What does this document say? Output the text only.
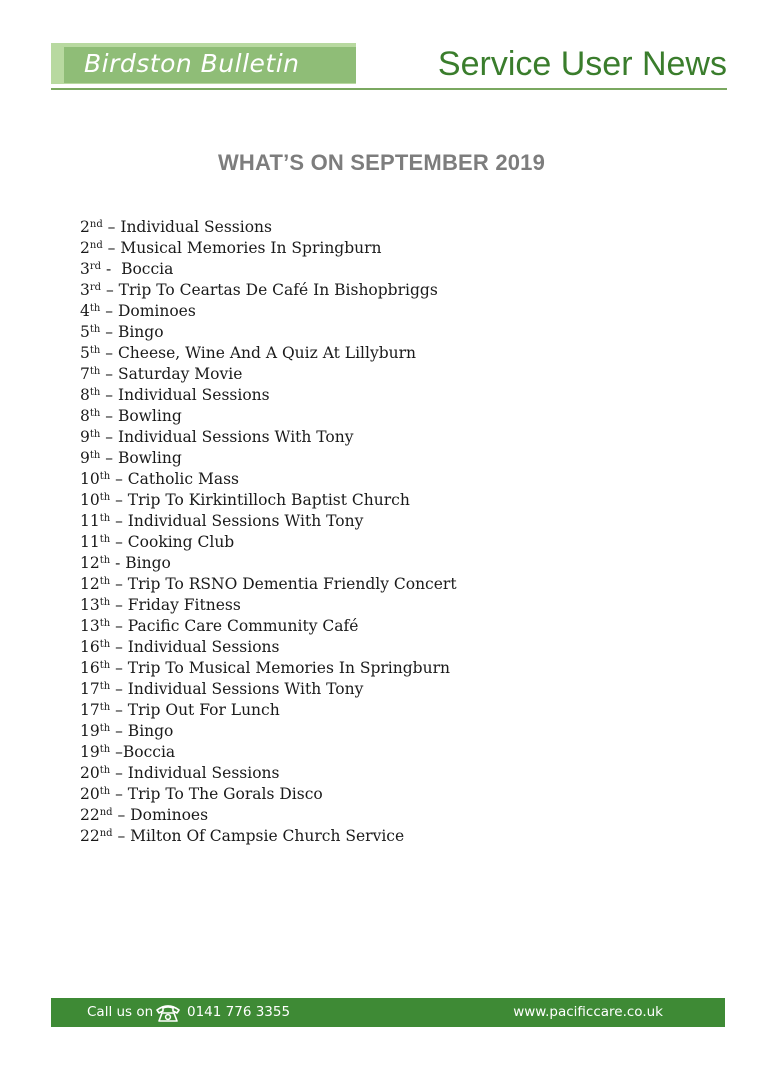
Birdston Bulletin	Service User News
WHAT’S ON SEPTEMBER 2019
2nd – Individual Sessions
2nd – Musical Memories In Springburn
3rd -  Boccia
3rd – Trip To Ceartas De Café In Bishopbriggs
4th – Dominoes
5th – Bingo
5th – Cheese, Wine And A Quiz At Lillyburn
7th – Saturday Movie
8th – Individual Sessions
8th – Bowling
9th – Individual Sessions With Tony
9th – Bowling
10th – Catholic Mass
10th – Trip To Kirkintilloch Baptist Church
11th – Individual Sessions With Tony
11th – Cooking Club
12th - Bingo
12th – Trip To RSNO Dementia Friendly Concert
13th – Friday Fitness
13th – Pacific Care Community Café
16th – Individual Sessions
16th – Trip To Musical Memories In Springburn
17th – Individual Sessions With Tony
17th – Trip Out For Lunch
19th – Bingo
19th –Boccia
20th – Individual Sessions
20th – Trip To The Gorals Disco
22nd – Dominoes
22nd – Milton Of Campsie Church Service
Call us on	0141 776 3355	www.pacificcare.co.uk
